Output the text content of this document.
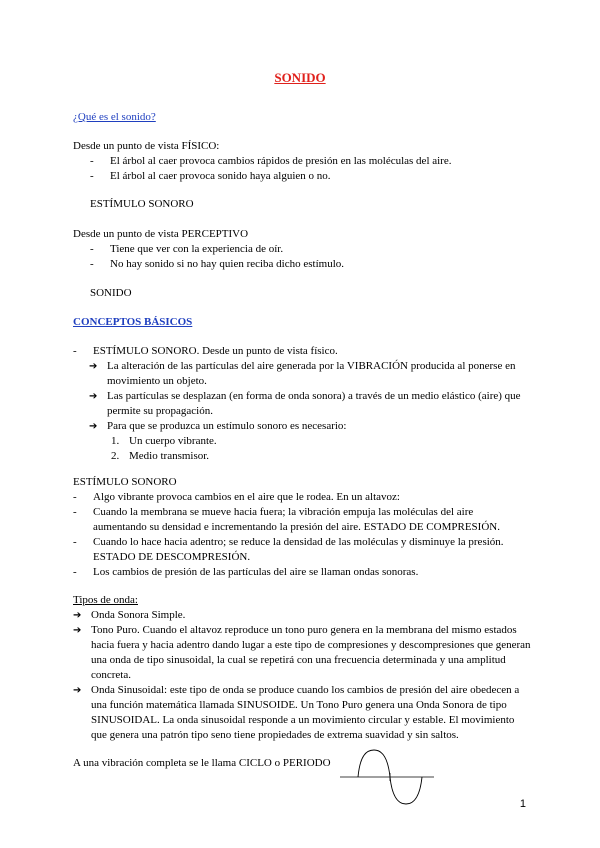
SONIDO
¿Qué es el sonido?
Desde un punto de vista FÍSICO:
- El árbol al caer provoca cambios rápidos de presión en las moléculas del aire.
- El árbol al caer provoca sonido haya alguien o no.
ESTÍMULO SONORO
Desde un punto de vista PERCEPTIVO
- Tiene que ver con la experiencia de oír.
- No hay sonido si no hay quien reciba dicho estímulo.
SONIDO
CONCEPTOS BÁSICOS
- ESTÍMULO SONORO. Desde un punto de vista físico.
➔ La alteración de las partículas del aire generada por la VIBRACIÓN producida al ponerse en movimiento un objeto.
➔ Las partículas se desplazan (en forma de onda sonora) a través de un medio elástico (aire) que permite su propagación.
➔ Para que se produzca un estímulo sonoro es necesario:
1. Un cuerpo vibrante.
2. Medio transmisor.
ESTÍMULO SONORO
- Algo vibrante provoca cambios en el aire que le rodea. En un altavoz:
- Cuando la membrana se mueve hacia fuera; la vibración empuja las moléculas del aire aumentando su densidad e incrementando la presión del aire. ESTADO DE COMPRESIÓN.
- Cuando lo hace hacia adentro; se reduce la densidad de las moléculas y disminuye la presión. ESTADO DE DESCOMPRESIÓN.
- Los cambios de presión de las partículas del aire se llaman ondas sonoras.
Tipos de onda:
➔ Onda Sonora Simple.
➔ Tono Puro. Cuando el altavoz reproduce un tono puro genera en la membrana del mismo estados hacia fuera y hacia adentro dando lugar a este tipo de compresiones y descompresiones que generan una onda de tipo sinusoidal, la cual se repetirá con una frecuencia determinada y una amplitud concreta.
➔ Onda Sinusoidal: este tipo de onda se produce cuando los cambios de presión del aire obedecen a una función matemática llamada SINUSOIDE. Un Tono Puro genera una Onda Sonora de tipo SINUSOIDAL. La onda sinusoidal responde a un movimiento circular y estable. El movimiento que genera una patrón tipo seno tiene propiedades de extrema suavidad y sin saltos.
A una vibración completa se le llama CICLO o PERIODO
1
